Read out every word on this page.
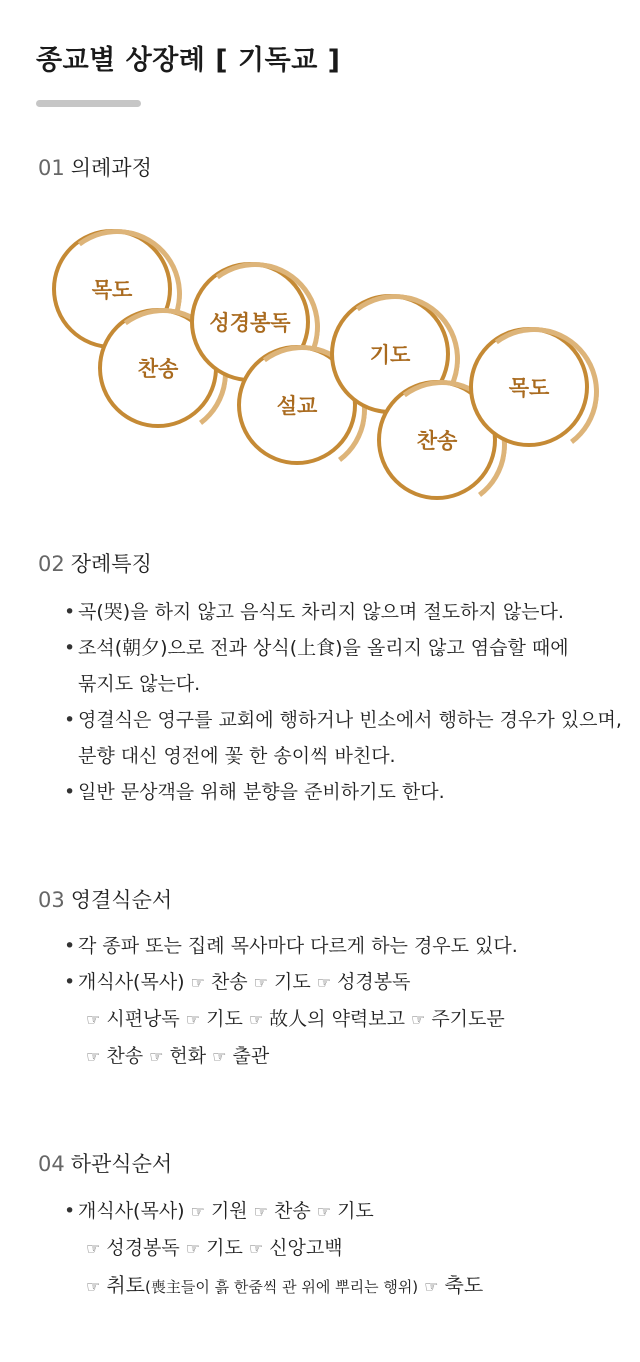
종교별 상장례 [ 기독교 ]
01 의례과정
목도
찬송
성경봉독
설교
기도
찬송
목도
02 장례특징
• 곡(哭)을 하지 않고 음식도 차리지 않으며 절도하지 않는다.
• 조석(朝夕)으로 전과 상식(上食)을 올리지 않고 염습할 때에
묶지도 않는다.
• 영결식은 영구를 교회에 행하거나 빈소에서 행하는 경우가 있으며,
분향 대신 영전에 꽃 한 송이씩 바친다.
• 일반 문상객을 위해 분향을 준비하기도 한다.
03 영결식순서
• 각 종파 또는 집례 목사마다 다르게 하는 경우도 있다.
• 개식사(목사) ☞ 찬송 ☞ 기도 ☞ 성경봉독
☞ 시편낭독 ☞ 기도 ☞ 故人의 약력보고 ☞ 주기도문
☞ 찬송 ☞ 헌화 ☞ 출관
04 하관식순서
• 개식사(목사) ☞ 기원 ☞ 찬송 ☞ 기도
☞ 성경봉독 ☞ 기도 ☞ 신앙고백
☞ 취토(喪主들이 흙 한줌씩 관 위에 뿌리는 행위) ☞ 축도
